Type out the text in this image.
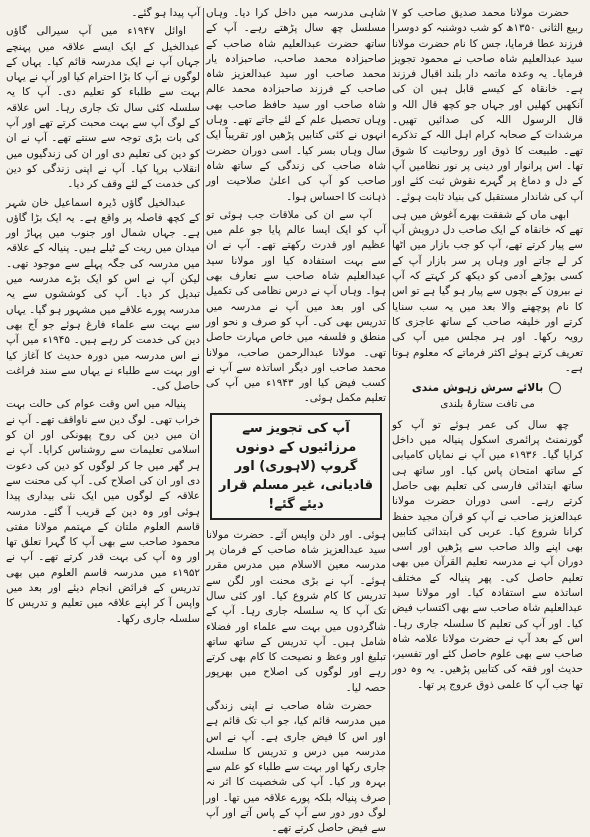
حضرت مولانا محمد صدیق صاحب کو ۷ ربیع الثانی ۱۳۵۰ھ کو شب دوشنبہ کو دوسرا فرزند عطا فرمایا، جس کا نام حضرت مولانا سید عبدالعلیم شاہ صاحب نے محمود تجویز فرمایا۔ یہ وعدہ ماتمہ دار بلند اقبال فرزند ہے۔ خانقاہ کے کیسے قابل ہیں ان کی آنکھیں کھلیں اور جہاں جو کچھ قال اللہ و قال الرسول اللہ کی صدائیں تھیں۔ مرشدات کے صحابہ کرام اہل اللہ کے تذکرے تھے۔ طبیعت کا ذوق اور روحانیت کا شوق تھا۔ اس پرانوار اور دینی پر نور نظامیں آپ کے دل و دماغ پر گہرے نقوش ثبت کئے اور آپ کی شاندار مستقبل کی بنیاد ثابت ہوئے۔

ابھی ماں کے شفقت بھرے آغوش میں ہی تھے کہ خانقاہ کے ایک صاحب دل درویش آپ سے پیار کرتے تھے، آپ کو جب بازار میں اٹھا کر لے جاتے اور وہاں پر سر بازار آپ کے کسی بوڑھے آدمی کو دیکھ کر کہتے کہ آپ نے بیرون کے بچوں سے پیار ہو گیا ہے تو اس کا نام پوچھنے والا بعد میں یہ سب سنایا کرتے اور خلیفہ صاحب کے ساتھ عاجزی کا رویہ رکھا۔ اور ہر مجلس میں آپ کی تعریف کرتے ہوئے اکثر فرماتے کہ معلوم ہوتا ہے۔

بالائے سرش زہوش مندی
می تافت ستارۂ بلندی

چھ سال کی عمر ہوئے تو آپ کو گورنمنٹ پرائمری اسکول پنیالہ میں داخل کرایا گیا۔ ۱۹۳۶ء میں آپ نے نمایاں کامیابی کے ساتھ امتحان پاس کیا۔ اور ساتھ ہی ساتھ ابتدائی فارسی کی تعلیم بھی حاصل کرتے رہے۔ اسی دوران حضرت مولانا عبدالعزیز صاحب نے آپ کو قرآن مجید حفظ کرانا شروع کیا۔ عربی کی ابتدائی کتابیں بھی اپنے والد صاحب سے پڑھیں اور اسی دوران آپ نے مدرسہ تعلیم القرآن میں بھی تعلیم حاصل کی۔ پھر پنیالہ کے مختلف اساتذہ سے استفادہ کیا۔ اور مولانا سید عبدالعلیم شاہ صاحب سے بھی اکتساب فیض کیا۔ اور آپ کی تعلیم کا سلسلہ جاری رہا۔ اس کے بعد آپ نے حضرت مولانا علامہ شاہ صاحب سے بھی علوم حاصل کئے اور تفسیر، حدیث اور فقہ کی کتابیں پڑھیں۔ یہ وہ دور تھا جب آپ کا علمی ذوق عروج پر تھا۔

شاہی مدرسہ میں داخل کرا دیا۔ وہاں مسلسل چھ سال پڑھتے رہے۔ آپ کے ساتھ حضرت عبدالعلیم شاہ صاحب کے صاحبزادہ محمد صاحب، صاحبزادہ یار محمد صاحب اور سید عبدالعزیز شاہ صاحب کے فرزند صاحبزادہ محمد عالم شاہ صاحب اور سید حافظ صاحب بھی وہاں تحصیل علم کے لئے جاتے تھے۔ وہاں انہوں نے کئی کتابیں پڑھیں اور تقریباً ایک سال وہاں بسر کیا۔ اسی دوران حضرت شاہ صاحب کی زندگی کے ساتھ شاہ صاحب کو آپ کی اعلیٰ صلاحیت اور ذہانت کا احساس ہوا۔

آپ سے ان کی ملاقات جب ہوئی تو آپ کو ایک ایسا عالم پایا جو علم میں عظیم اور قدرت رکھتے تھے۔ آپ نے ان سے بہت استفادہ کیا اور مولانا سید عبدالعلیم شاہ صاحب سے تعارف بھی ہوا۔ وہاں آپ نے درس نظامی کی تکمیل کی اور بعد میں آپ نے مدرسہ میں تدریس بھی کی۔ آپ کو صرف و نحو اور منطق و فلسفہ میں خاص مہارت حاصل تھی۔ مولانا عبدالرحمن صاحب، مولانا محمد صاحب اور دیگر اساتذہ سے آپ نے کسب فیض کیا اور ۱۹۴۳ء میں آپ کی تعلیم مکمل ہوئی۔

آپ کی تجویز سے مرزائیوں کے دونوں گروپ (لاہوری) اور قادیانی، غیر مسلم قرار دیئے گئے!

ہوئی۔ اور دلن واپس آئے۔ حضرت مولانا سید عبدالعزیز شاہ صاحب کے فرمان پر مدرسہ معین الاسلام میں مدرس مقرر ہوئے۔ آپ نے بڑی محنت اور لگن سے تدریس کا کام شروع کیا۔ اور کئی سال تک آپ کا یہ سلسلہ جاری رہا۔ آپ کے شاگردوں میں بہت سے علماء اور فضلاء شامل ہیں۔ آپ تدریس کے ساتھ ساتھ تبلیغ اور وعظ و نصیحت کا کام بھی کرتے رہے اور لوگوں کی اصلاح میں بھرپور حصہ لیا۔

حضرت شاہ صاحب نے اپنی زندگی میں مدرسہ قائم کیا، جو اب تک قائم ہے اور اس کا فیض جاری ہے۔ آپ نے اس مدرسہ میں درس و تدریس کا سلسلہ جاری رکھا اور بہت سے طلباء کو علم سے بہرہ ور کیا۔ آپ کی شخصیت کا اثر نہ صرف پنیالہ بلکہ پورے علاقہ میں تھا۔ اور لوگ دور دور سے آپ کے پاس آتے اور آپ سے فیض حاصل کرتے تھے۔

آپ پیدا ہو گئے۔

اوائل ۱۹۴۷ء میں آپ سیرالی گاؤں عبدالخیل کے ایک ایسے علاقہ میں پہنچے جہاں آپ نے ایک مدرسہ قائم کیا۔ یہاں کے لوگوں نے آپ کا بڑا احترام کیا اور آپ نے یہاں بہت سے طلباء کو تعلیم دی۔ آپ کا یہ سلسلہ کئی سال تک جاری رہا۔ اس علاقہ کے لوگ آپ سے بہت محبت کرتے تھے اور آپ کی بات بڑی توجہ سے سنتے تھے۔ آپ نے ان کو دین کی تعلیم دی اور ان کی زندگیوں میں انقلاب برپا کیا۔ آپ نے اپنی زندگی کو دین کی خدمت کے لئے وقف کر دیا۔

عبدالخیل گاؤں ڈیرہ اسماعیل خان شہر کے کچھ فاصلہ پر واقع ہے۔ یہ ایک بڑا گاؤں ہے۔ جہاں شمال اور جنوب میں پہاڑ اور میدان میں ریت کے ٹیلے ہیں۔ پنیالہ کے علاقہ میں مدرسہ کی جگہ پہلے سے موجود تھی۔ لیکن آپ نے اس کو ایک بڑے مدرسہ میں تبدیل کر دیا۔ آپ کی کوششوں سے یہ مدرسہ پورے علاقے میں مشہور ہو گیا۔ یہاں سے بہت سے علماء فارغ ہوئے جو آج بھی دین کی خدمت کر رہے ہیں۔ ۱۹۴۵ء میں آپ نے اس مدرسہ میں دورہ حدیث کا آغاز کیا اور بہت سے طلباء نے یہاں سے سند فراغت حاصل کی۔

پنیالہ میں اس وقت عوام کی حالت بہت خراب تھی۔ لوگ دین سے ناواقف تھے۔ آپ نے ان میں دین کی روح پھونکی اور ان کو اسلامی تعلیمات سے روشناس کرایا۔ آپ نے ہر گھر میں جا کر لوگوں کو دین کی دعوت دی اور ان کی اصلاح کی۔ آپ کی محنت سے علاقہ کے لوگوں میں ایک نئی بیداری پیدا ہوئی اور وہ دین کے قریب آ گئے۔ مدرسہ قاسم العلوم ملتان کے مہتمم مولانا مفتی محمود صاحب سے بھی آپ کا گہرا تعلق تھا اور وہ آپ کی بہت قدر کرتے تھے۔ آپ نے ۱۹۵۲ء میں مدرسہ قاسم العلوم میں بھی تدریس کے فرائض انجام دیئے اور بعد میں واپس آ کر اپنے علاقہ میں تعلیم و تدریس کا سلسلہ جاری رکھا۔
